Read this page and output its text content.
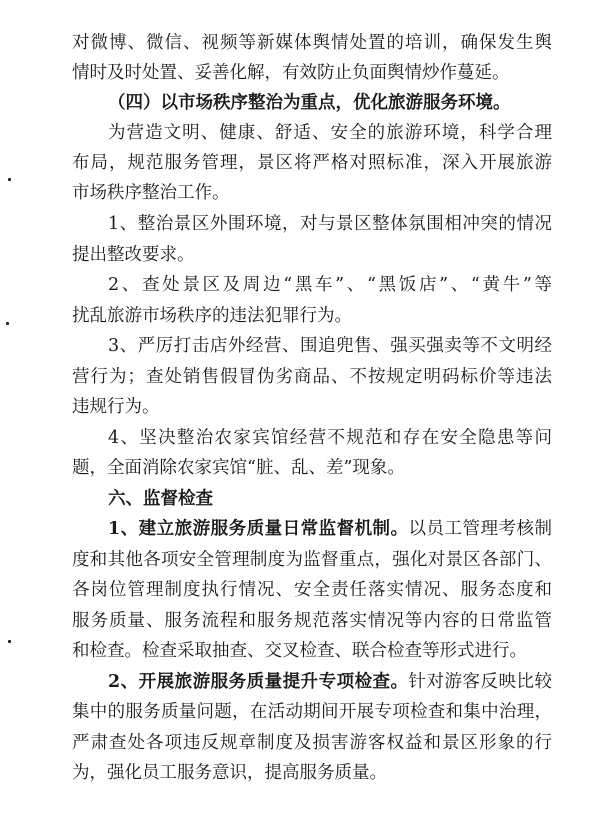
对微博、微信、视频等新媒体舆情处置的培训，确保发生舆
情时及时处置、妥善化解，有效防止负面舆情炒作蔓延。
（四）以市场秩序整治为重点，优化旅游服务环境。
为营造文明、健康、舒适、安全的旅游环境，科学合理
布局，规范服务管理，景区将严格对照标准，深入开展旅游
市场秩序整治工作。
1、整治景区外围环境，对与景区整体氛围相冲突的情况
提出整改要求。
2、查处景区及周边“黑车”、“黑饭店”、“黄牛”等
扰乱旅游市场秩序的违法犯罪行为。
3、严厉打击店外经营、围追兜售、强买强卖等不文明经
营行为；查处销售假冒伪劣商品、不按规定明码标价等违法
违规行为。
4、坚决整治农家宾馆经营不规范和存在安全隐患等问
题，全面消除农家宾馆“脏、乱、差”现象。
六、监督检查
1、建立旅游服务质量日常监督机制。以员工管理考核制
度和其他各项安全管理制度为监督重点，强化对景区各部门、
各岗位管理制度执行情况、安全责任落实情况、服务态度和
服务质量、服务流程和服务规范落实情况等内容的日常监管
和检查。检查采取抽查、交叉检查、联合检查等形式进行。
2、开展旅游服务质量提升专项检查。针对游客反映比较
集中的服务质量问题，在活动期间开展专项检查和集中治理，
严肃查处各项违反规章制度及损害游客权益和景区形象的行
为，强化员工服务意识，提高服务质量。
